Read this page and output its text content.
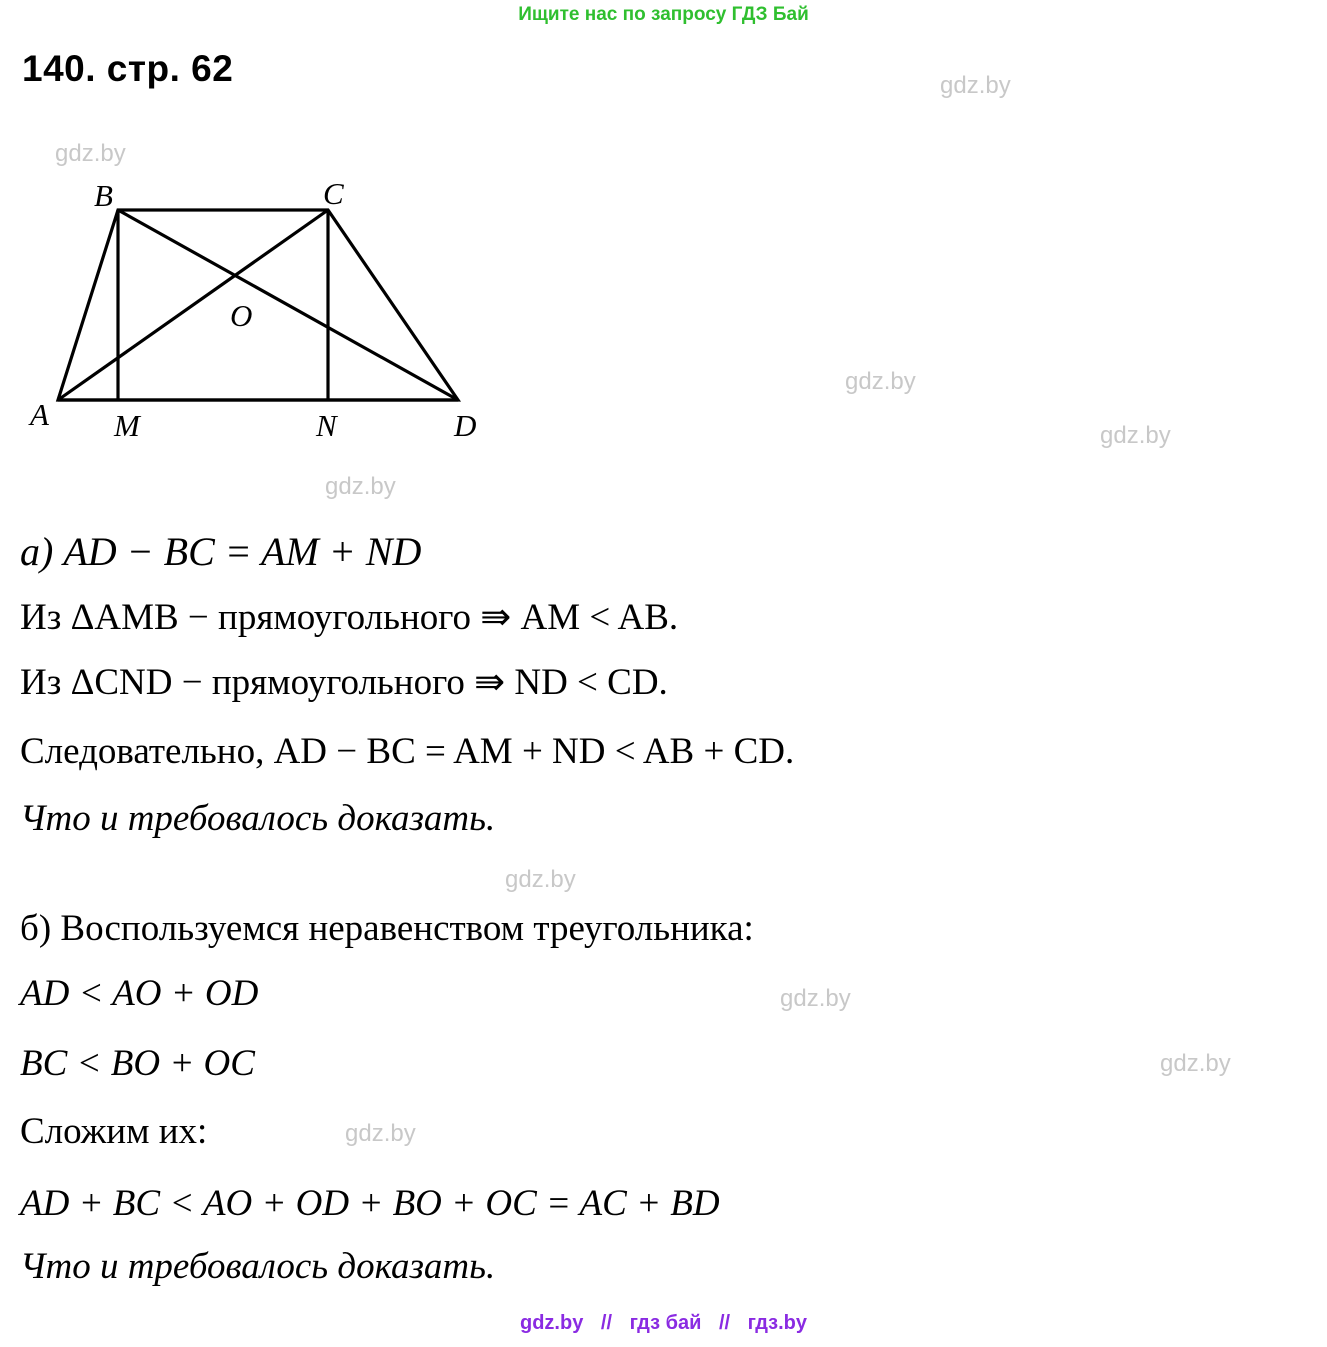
Ищите нас по запросу ГДЗ Бай
gdz.by
gdz.by
gdz.by
gdz.by
gdz.by
gdz.by
gdz.by
gdz.by
gdz.by
140. стр. 62
B	C
A M	N	D
O
а) AD − BC = AM + ND
Из ΔAMB − прямоугольного ⇛ AM < AB.
Из ΔCND − прямоугольного ⇛ ND < CD.
Следовательно, AD − BC = AM + ND < AB + CD.
Что и требовалось доказать.
б) Воспользуемся неравенством треугольника:
AD < AO + OD
BC < BO + OC
Сложим их:
AD + BC < AO + OD + BO + OC = AC + BD
Что и требовалось доказать.
gdz.by // гдз бай // гдз.by
